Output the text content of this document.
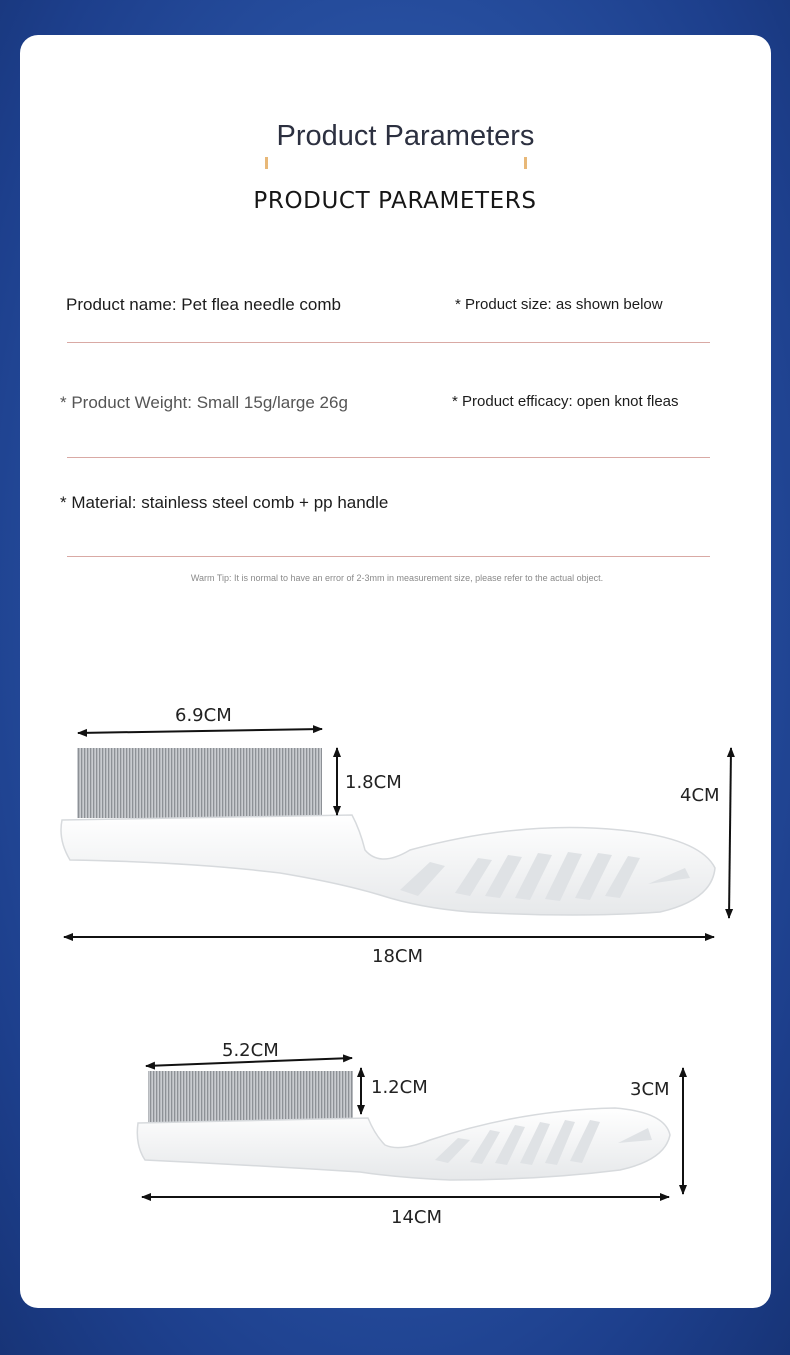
Product Parameters
PRODUCT PARAMETERS
Product name: Pet flea needle comb	* Product size: as shown below
* Product Weight: Small 15g/large 26g	* Product efficacy: open knot fleas
* Material: stainless steel comb + pp handle
Warm Tip: It is normal to have an error of 2-3mm in measurement size, please refer to the actual object.
6.9CM
1.8CM
4CM
18CM
5.2CM
1.2CM	3CM
14CM
